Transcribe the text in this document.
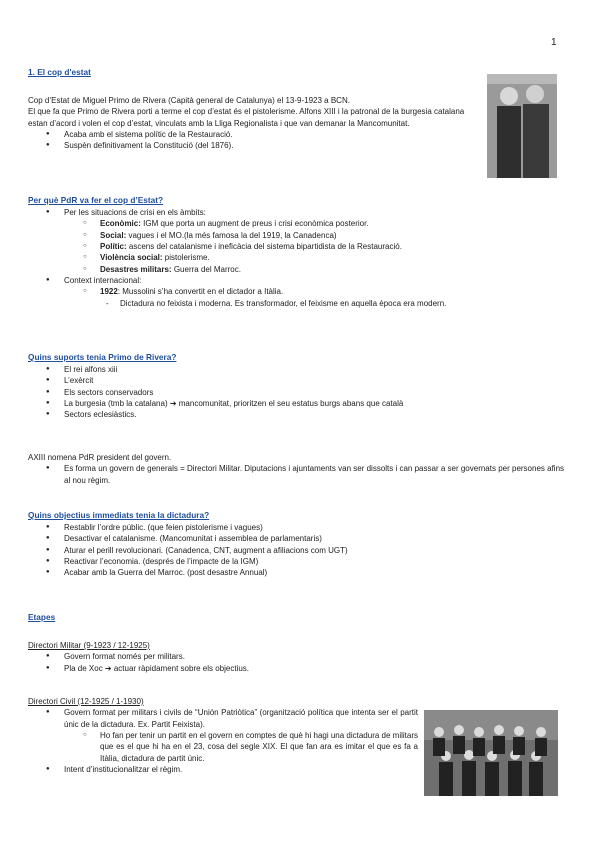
1
1. El cop d'estat
Cop d’Estat de Miguel Primo de Rivera (Capità general de Catalunya) el 13-9-1923 a BCN.
El que fa que Primo de Rivera porti a terme el cop d’estat és el pistolerisme. Alfons XIII i la patronal de la burgesia catalana estan d’acord i volen el cop d’estat, vinculats amb la Lliga Regionalista i que van demanar la Mancomunitat.
● Acaba amb el sistema polític de la Restauració.
● Suspèn definitivament la Constitució (del 1876).
Per què PdR va fer el cop d’Estat?
● Per les situacions de crisi en els àmbits:
○ Econòmic: IGM que porta un augment de preus i crisi econòmica posterior.
○ Social: vagues i el MO.(la més famosa la del 1919, la Canadenca)
○ Polític: ascens del catalanisme i ineficàcia del sistema bipartidista de la Restauració.
○ Violència social: pistolerisme.
○ Desastres militars: Guerra del Marroc.
● Context internacional:
○ 1922: Mussolini s’ha convertit en el dictador a Itàlia.
- Dictadura no feixista i moderna. Es transformador, el feixisme en aquella època era modern.
Quins suports tenia Primo de Rivera?
● El rei alfons xiii
● L’exèrcit
● Els sectors conservadors
● La burgesia (tmb la catalana) ➔ mancomunitat, prioritzen el seu estatus burgs abans que català
● Sectors eclesiàstics.
AXIII nomena PdR president del govern.
● Es forma un govern de generals = Directori Militar. Diputacions i ajuntaments van ser dissolts i can passar a ser governats per persones afins al nou règim.
Quins objectius immediats tenia la dictadura?
● Restablir l’ordre públic. (que feien pistolerisme i vagues)
● Desactivar el catalanisme. (Mancomunitat i assemblea de parlamentaris)
● Aturar el perill revolucionari. (Canadenca, CNT, augment a afiliacions com UGT)
● Reactivar l’economia. (després de l’impacte de la IGM)
● Acabar amb la Guerra del Marroc. (post desastre Annual)
Etapes
Directori Militar (9-1923 / 12-1925)
● Govern format només per militars.
● Pla de Xoc ➔ actuar ràpidament sobre els objectius.
Directori Civil (12-1925 / 1-1930)
● Govern format per militars i civils de “Unión Patriòtica” (organització política que intenta ser el partit únic de la dictadura. Ex. Partit Feixista).
○ Ho fan per tenir un partit en el govern en comptes de què hi hagi una dictadura de militars que es el que hi ha en el 23, cosa del segle XIX. El que fan ara es imitar el que es fa a Itàlia, dictadura de partit únic.
● Intent d’institucionalitzar el règim.
